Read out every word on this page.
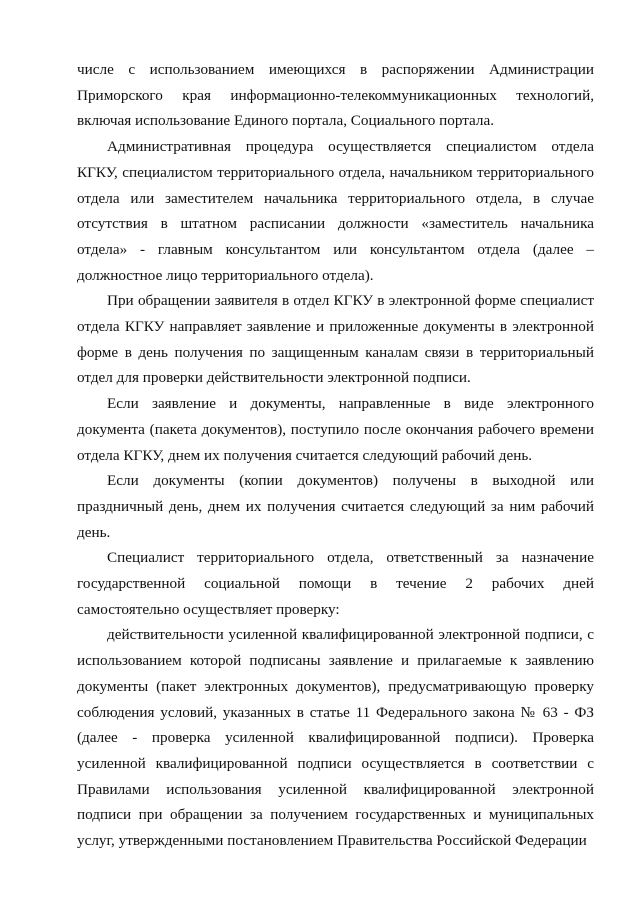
числе с использованием имеющихся в распоряжении Администрации Приморского края информационно-телекоммуникационных технологий, включая использование Единого портала, Социального портала.

Административная процедура осуществляется специалистом отдела КГКУ, специалистом территориального отдела, начальником территориального отдела или заместителем начальника территориального отдела, в случае отсутствия в штатном расписании должности «заместитель начальника отдела» - главным консультантом или консультантом отдела (далее – должностное лицо территориального отдела).

При обращении заявителя в отдел КГКУ в электронной форме специалист отдела КГКУ направляет заявление и приложенные документы в электронной форме в день получения по защищенным каналам связи в территориальный отдел для проверки действительности электронной подписи.

Если заявление и документы, направленные в виде электронного документа (пакета документов), поступило после окончания рабочего времени отдела КГКУ, днем их получения считается следующий рабочий день.

Если документы (копии документов) получены в выходной или праздничный день, днем их получения считается следующий за ним рабочий день.

Специалист территориального отдела, ответственный за назначение государственной социальной помощи в течение 2 рабочих дней самостоятельно осуществляет проверку:

действительности усиленной квалифицированной электронной подписи, с использованием которой подписаны заявление и прилагаемые к заявлению документы (пакет электронных документов), предусматривающую проверку соблюдения условий, указанных в статье 11 Федерального закона № 63 - ФЗ (далее - проверка усиленной квалифицированной подписи). Проверка усиленной квалифицированной подписи осуществляется в соответствии с Правилами использования усиленной квалифицированной электронной подписи при обращении за получением государственных и муниципальных услуг, утвержденными постановлением Правительства Российской Федерации
